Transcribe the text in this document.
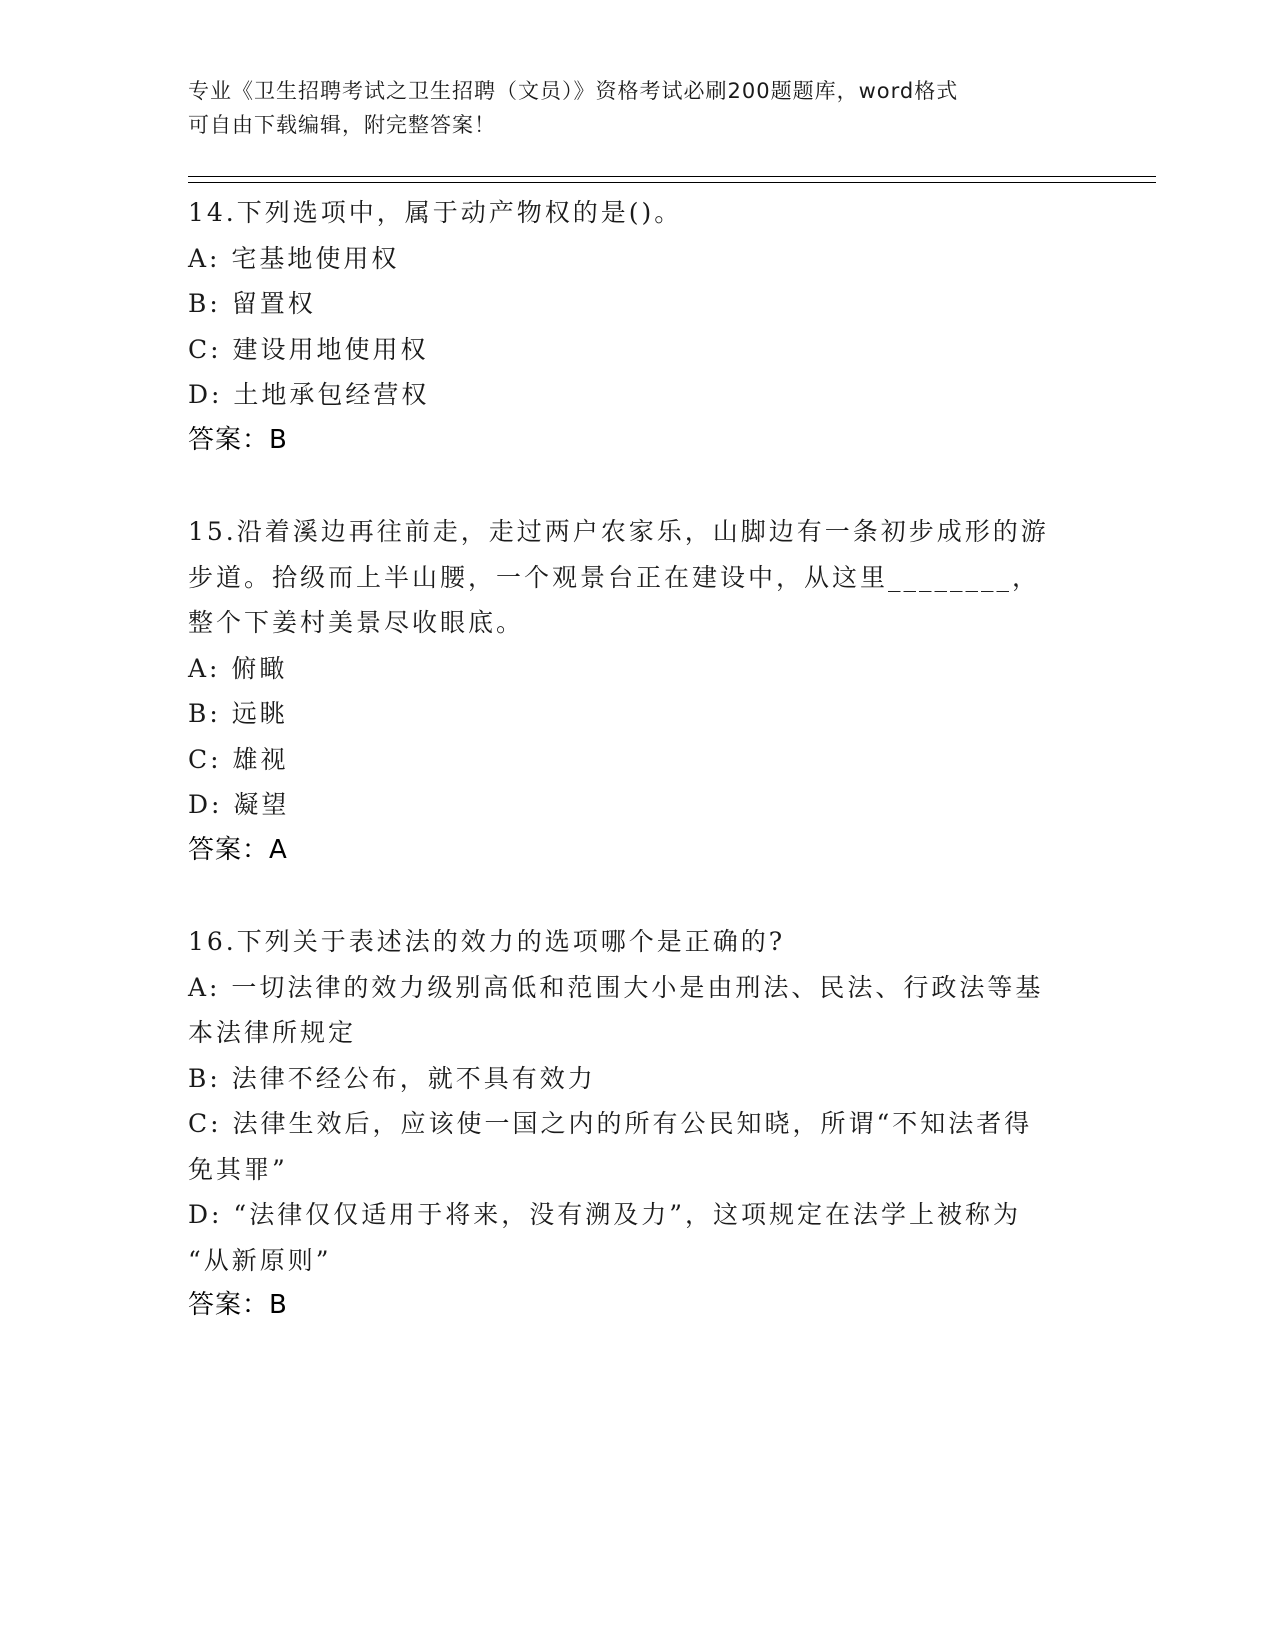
专业《卫生招聘考试之卫生招聘（文员）》资格考试必刷200题题库，word格式
可自由下载编辑，附完整答案！
14.下列选项中，属于动产物权的是()。
A: 宅基地使用权
B: 留置权
C: 建设用地使用权
D: 土地承包经营权
答案：B
15.沿着溪边再往前走，走过两户农家乐，山脚边有一条初步成形的游
步道。拾级而上半山腰，一个观景台正在建设中，从这里________，
整个下姜村美景尽收眼底。
A: 俯瞰
B: 远眺
C: 雄视
D: 凝望
答案：A
16.下列关于表述法的效力的选项哪个是正确的?
A: 一切法律的效力级别高低和范围大小是由刑法、民法、行政法等基
本法律所规定
B: 法律不经公布，就不具有效力
C: 法律生效后，应该使一国之内的所有公民知晓，所谓“不知法者得
免其罪”
D: “法律仅仅适用于将来，没有溯及力”，这项规定在法学上被称为
“从新原则”
答案：B
